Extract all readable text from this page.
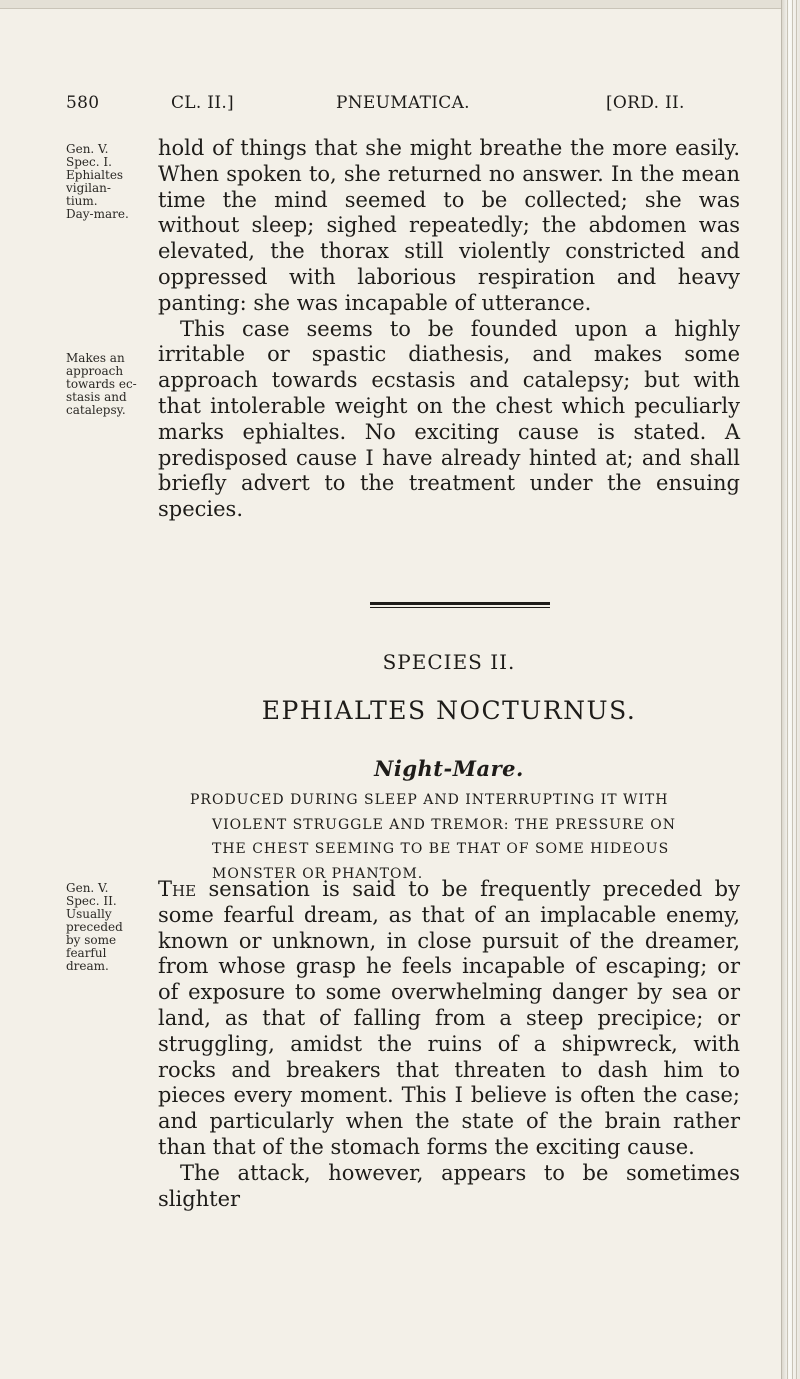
580	CL. II.]	PNEUMATICA.	[ORD. II.
Gen. V.
Spec. I.
Ephialtes
vigilan-
tium.
Day-mare.
Makes an
approach
towards ec-
stasis and
catalepsy.
Gen. V.
Spec. II.
Usually
preceded
by some
fearful
dream.

hold of things that she might breathe the more easily. When spoken to, she returned no answer. In the mean time the mind seemed to be collected; she was without sleep; sighed repeatedly; the abdomen was elevated, the thorax still violently constricted and oppressed with laborious respiration and heavy panting: she was incapable of utterance.

This case seems to be founded upon a highly irritable or spastic diathesis, and makes some approach towards ecstasis and catalepsy; but with that intolerable weight on the chest which peculiarly marks ephialtes. No exciting cause is stated. A predisposed cause I have already hinted at; and shall briefly advert to the treatment under the ensuing species.

SPECIES II.
EPHIALTES NOCTURNUS.
Night-Mare.
PRODUCED DURING SLEEP AND INTERRUPTING IT WITH
VIOLENT STRUGGLE AND TREMOR: THE PRESSURE ON
THE CHEST SEEMING TO BE THAT OF SOME HIDEOUS
MONSTER OR PHANTOM.

The sensation is said to be frequently preceded by some fearful dream, as that of an implacable enemy, known or unknown, in close pursuit of the dreamer, from whose grasp he feels incapable of escaping; or of exposure to some overwhelming danger by sea or land, as that of falling from a steep precipice; or struggling, amidst the ruins of a shipwreck, with rocks and breakers that threaten to dash him to pieces every moment. This I believe is often the case; and particularly when the state of the brain rather than that of the stomach forms the exciting cause.

The attack, however, appears to be sometimes slighter
